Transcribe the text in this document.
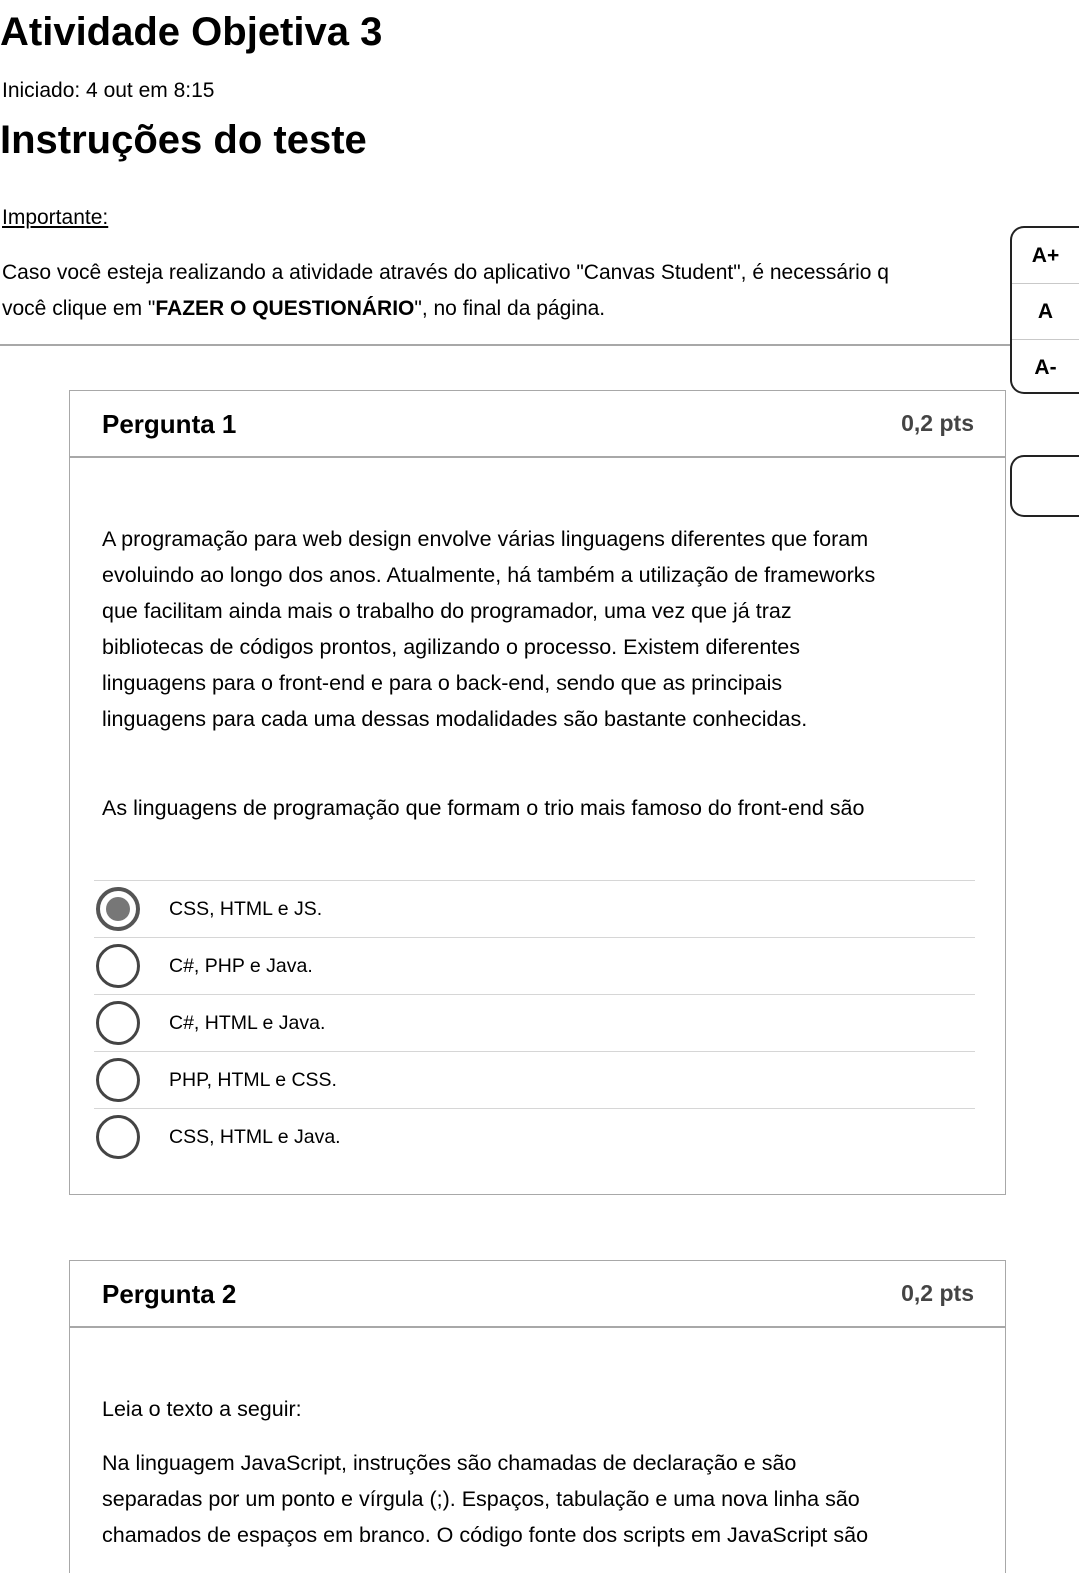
Atividade Objetiva 3
Iniciado: 4 out em 8:15
Instruções do teste
Importante:
Caso você esteja realizando a atividade através do aplicativo "Canvas Student", é necessário q
você clique em "FAZER O QUESTIONÁRIO", no final da página.
A+
A
A-
Pergunta 1	0,2 pts
A programação para web design envolve várias linguagens diferentes que foram
evoluindo ao longo dos anos. Atualmente, há também a utilização de frameworks
que facilitam ainda mais o trabalho do programador, uma vez que já traz
bibliotecas de códigos prontos, agilizando o processo. Existem diferentes
linguagens para o front-end e para o back-end, sendo que as principais
linguagens para cada uma dessas modalidades são bastante conhecidas.
As linguagens de programação que formam o trio mais famoso do front-end são
CSS, HTML e JS.
C#, PHP e Java.
C#, HTML e Java.
PHP, HTML e CSS.
CSS, HTML e Java.
Pergunta 2	0,2 pts
Leia o texto a seguir:
Na linguagem JavaScript, instruções são chamadas de declaração e são
separadas por um ponto e vírgula (;). Espaços, tabulação e uma nova linha são
chamados de espaços em branco. O código fonte dos scripts em JavaScript são
